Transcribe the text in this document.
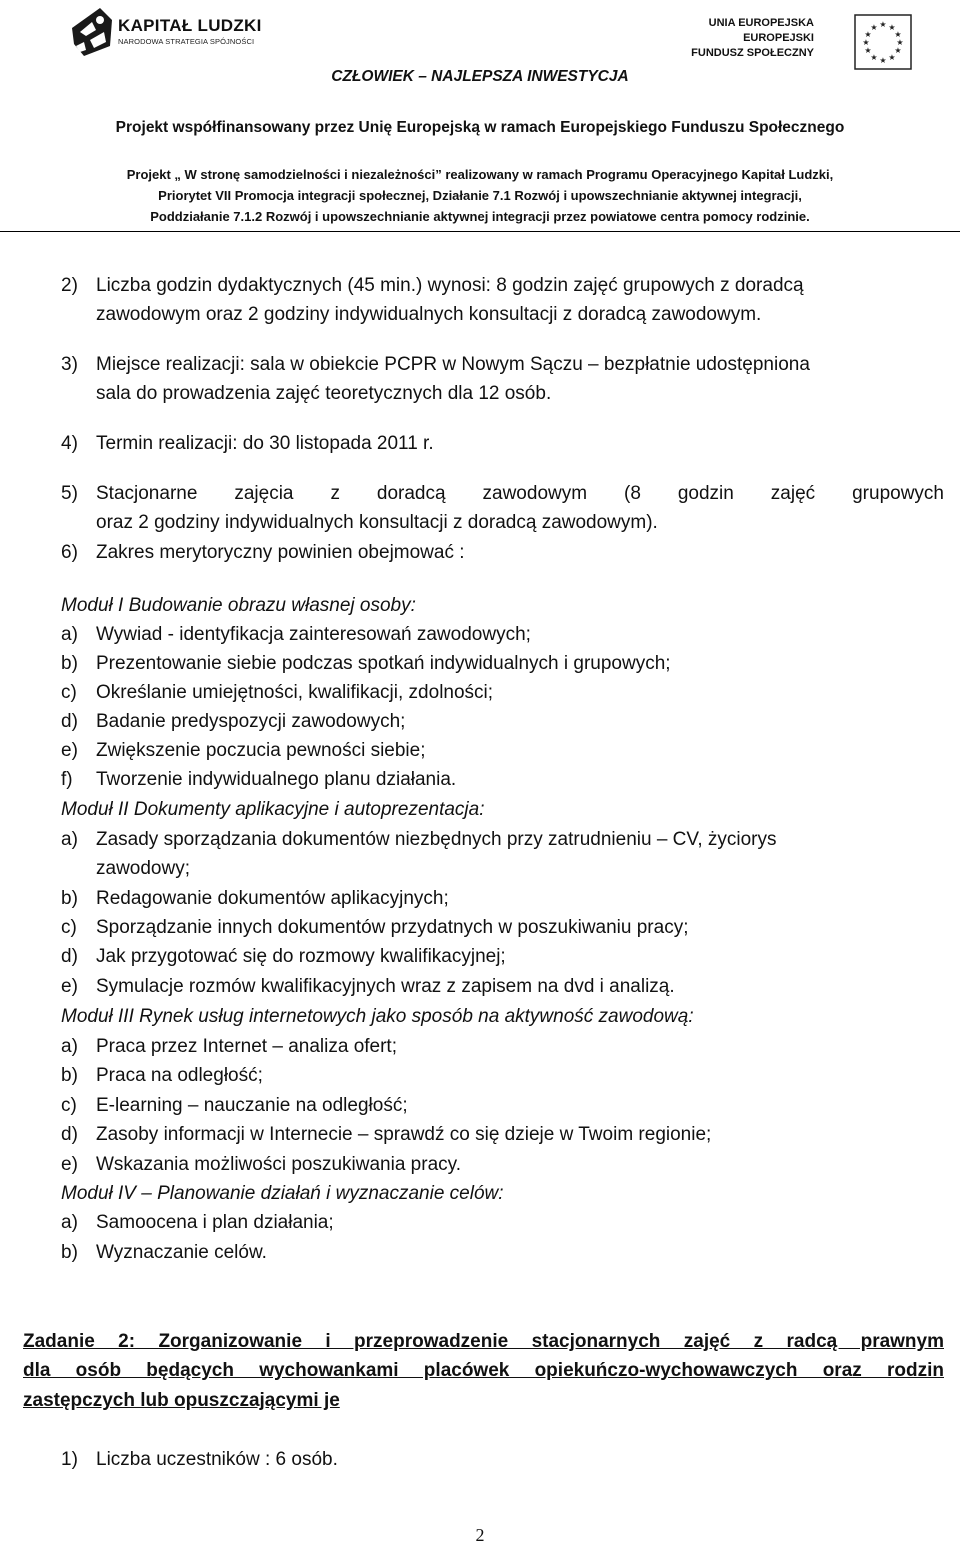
KAPITAŁ LUDZKI
NARODOWA STRATEGIA SPÓJNOŚCI
UNIA EUROPEJSKA
EUROPEJSKI
FUNDUSZ SPOŁECZNY
★ ★
★
★
★
★
★
★
★
★
★
★
CZŁOWIEK – NAJLEPSZA INWESTYCJA
Projekt współfinansowany przez Unię Europejską w ramach Europejskiego Funduszu Społecznego
Projekt „ W stronę samodzielności i niezależności” realizowany w ramach Programu Operacyjnego Kapitał Ludzki,
Priorytet VII Promocja integracji społecznej, Działanie 7.1 Rozwój i upowszechnianie aktywnej integracji,
Poddziałanie 7.1.2 Rozwój i upowszechnianie aktywnej integracji przez powiatowe centra pomocy rodzinie.
2) Liczba godzin dydaktycznych (45 min.) wynosi: 8 godzin zajęć grupowych z doradcą
zawodowym oraz 2 godziny indywidualnych konsultacji z doradcą zawodowym.
3) Miejsce realizacji: sala w obiekcie PCPR w Nowym Sączu – bezpłatnie udostępniona
sala do prowadzenia zajęć teoretycznych dla 12 osób.
4) Termin realizacji: do 30 listopada 2011 r.
5) Stacjonarne zajęcia z doradcą zawodowym (8 godzin zajęć grupowych
oraz 2 godziny indywidualnych konsultacji z doradcą zawodowym).
6) Zakres merytoryczny powinien obejmować :
Moduł I Budowanie obrazu własnej osoby:
a) Wywiad - identyfikacja zainteresowań zawodowych;
b) Prezentowanie siebie podczas spotkań indywidualnych i grupowych;
c) Określanie umiejętności, kwalifikacji, zdolności;
d) Badanie predyspozycji zawodowych;
e) Zwiększenie poczucia pewności siebie;
f) Tworzenie indywidualnego planu działania.
Moduł II Dokumenty aplikacyjne i autoprezentacja:
a) Zasady sporządzania dokumentów niezbędnych przy zatrudnieniu – CV, życiorys
zawodowy;
b) Redagowanie dokumentów aplikacyjnych;
c) Sporządzanie innych dokumentów przydatnych w poszukiwaniu pracy;
d) Jak przygotować się do rozmowy kwalifikacyjnej;
e) Symulacje rozmów kwalifikacyjnych wraz z zapisem na dvd i analizą.
Moduł III Rynek usług internetowych jako sposób na aktywność zawodową:
a) Praca przez Internet – analiza ofert;
b) Praca na odległość;
c) E-learning – nauczanie na odległość;
d) Zasoby informacji w Internecie – sprawdź co się dzieje w Twoim regionie;
e) Wskazania możliwości poszukiwania pracy.
Moduł IV – Planowanie działań i wyznaczanie celów:
a) Samoocena i plan działania;
b) Wyznaczanie celów.
Zadanie 2: Zorganizowanie i przeprowadzenie stacjonarnych zajęć z radcą prawnym
dla osób będących wychowankami placówek opiekuńczo-wychowawczych oraz rodzin
zastępczych lub opuszczającymi je
1) Liczba uczestników : 6 osób.
2
